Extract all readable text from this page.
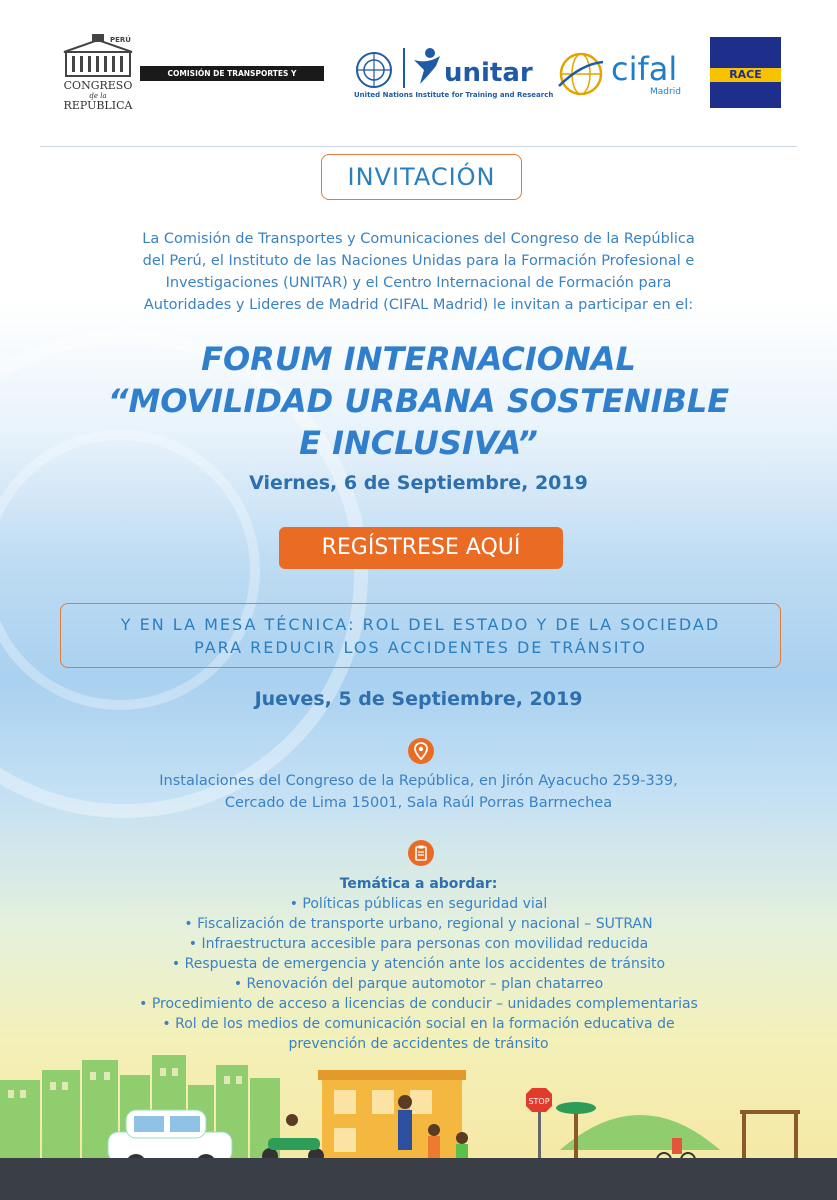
PERÚ
CONGRESO
de la
REPÚBLICA
COMISIÓN DE TRANSPORTES Y COMUNICACIONES
unitar
United Nations Institute for Training and Research
cifal
Madrid
RACE
INVITACIÓN
La Comisión de Transportes y Comunicaciones del Congreso de la República
del Perú, el Instituto de las Naciones Unidas para la Formación Profesional e
Investigaciones (UNITAR) y el Centro Internacional de Formación para
Autoridades y Lideres de Madrid (CIFAL Madrid) le invitan a participar en el:
FORUM INTERNACIONAL
“MOVILIDAD URBANA SOSTENIBLE
E INCLUSIVA”
Viernes, 6 de Septiembre, 2019
REGÍSTRESE AQUÍ
Y EN LA MESA TÉCNICA: ROL DEL ESTADO Y DE LA SOCIEDAD
PARA REDUCIR LOS ACCIDENTES DE TRÁNSITO
Jueves, 5 de Septiembre, 2019
Instalaciones del Congreso de la República, en Jirón Ayacucho 259-339,
Cercado de Lima 15001, Sala Raúl Porras Barrnechea
Temática a abordar:
• Políticas públicas en seguridad vial
• Fiscalización de transporte urbano, regional y nacional – SUTRAN
• Infraestructura accesible para personas con movilidad reducida
• Respuesta de emergencia y atención ante los accidentes de tránsito
• Renovación del parque automotor – plan chatarreo
• Procedimiento de acceso a licencias de conducir – unidades complementarias
• Rol de los medios de comunicación social en la formación educativa de
prevención de accidentes de tránsito
STOP
